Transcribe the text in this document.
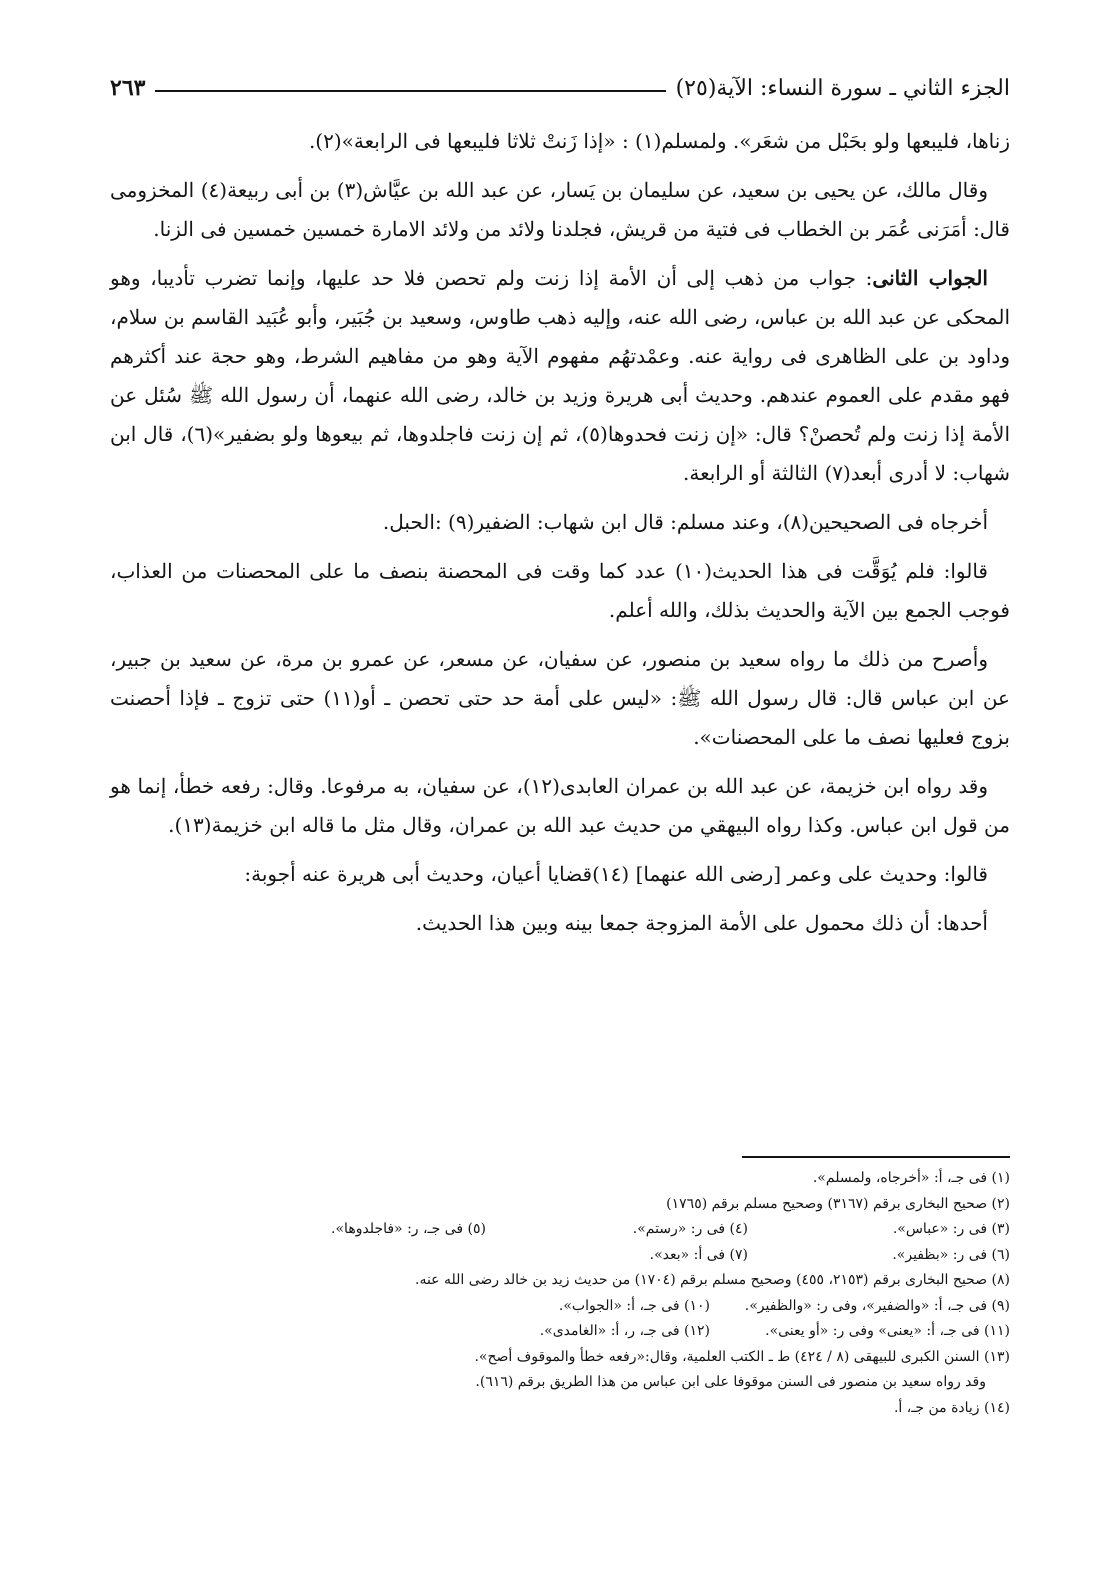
الجزء الثاني ـ سورة النساء: الآية(٢٥)
٢٦٣

زناها، فليبعها ولو بحَبْل من شعَر». ولمسلم(١) : «إذا زَنتْ ثلاثا فليبعها فى الرابعة»(٢).

وقال مالك، عن يحيى بن سعيد، عن سليمان بن يَسار، عن عبد الله بن عيَّاش(٣) بن أبى ربيعة(٤) المخزومى قال: أمَرَنى عُمَر بن الخطاب فى فتية من قريش، فجلدنا ولائد من ولائد الامارة خمسين خمسين فى الزنا.

الجواب الثانى: جواب من ذهب إلى أن الأمة إذا زنت ولم تحصن فلا حد عليها، وإنما تضرب تأديبا، وهو المحكى عن عبد الله بن عباس، رضى الله عنه، وإليه ذهب طاوس، وسعيد بن جُبَير، وأبو عُبَيد القاسم بن سلام، وداود بن على الظاهرى فى رواية عنه. وعمْدتهُم مفهوم الآية وهو من مفاهيم الشرط، وهو حجة عند أكثرهم فهو مقدم على العموم عندهم. وحديث أبى هريرة وزيد بن خالد، رضى الله عنهما، أن رسول الله ﷺ سُئل عن الأمة إذا زنت ولم تُحصنْ؟ قال: «إن زنت فحدوها(٥)، ثم إن زنت فاجلدوها، ثم بيعوها ولو بضفير»(٦)، قال ابن شهاب: لا أدرى أبعد(٧) الثالثة أو الرابعة.

أخرجاه فى الصحيحين(٨)، وعند مسلم: قال ابن شهاب: الضفير(٩) :الحبل.

قالوا: فلم يُوَقَّت فى هذا الحديث(١٠) عدد كما وقت فى المحصنة بنصف ما على المحصنات من العذاب، فوجب الجمع بين الآية والحديث بذلك، والله أعلم.

وأصرح من ذلك ما رواه سعيد بن منصور، عن سفيان، عن مسعر، عن عمرو بن مرة، عن سعيد بن جبير، عن ابن عباس قال: قال رسول الله ﷺ: «ليس على أمة حد حتى تحصن ـ أو(١١) حتى تزوج ـ فإذا أحصنت بزوج فعليها نصف ما على المحصنات».

وقد رواه ابن خزيمة، عن عبد الله بن عمران العابدى(١٢)، عن سفيان، به مرفوعا. وقال: رفعه خطأ، إنما هو من قول ابن عباس. وكذا رواه البيهقي من حديث عبد الله بن عمران، وقال مثل ما قاله ابن خزيمة(١٣).

قالوا: وحديث على وعمر [رضى الله عنهما] (١٤)قضايا أعيان، وحديث أبى هريرة عنه أجوبة:

أحدها: أن ذلك محمول على الأمة المزوجة جمعا بينه وبين هذا الحديث.

(١) فى جـ، أ: «أخرجاه، ولمسلم».
(٢) صحيح البخارى برقم (٣١٦٧) وصحيح مسلم برقم (١٧٦٥)
(٣) فى ر: «عباس».
(٤) فى ر: «رستم».
(٥) فى جـ، ر: «فاجلدوها».
(٦) فى ر: «بظفير».
(٧) فى أ: «بعد».
(٨) صحيح البخارى برقم (٢١٥٣، ٤٥٥) وصحيح مسلم برقم (١٧٠٤) من حديث زيد بن خالد رضى الله عنه.
(٩) فى جـ، أ: «والضفير»، وفى ر: «والظفير».
(١٠) فى جـ، أ: «الجواب».
(١١) فى جـ، أ: «يعنى» وفى ر: «أو يعنى».
(١٢) فى جـ، ر، أ: «الغامدى».
(١٣) السنن الكبرى للبيهقى (٨ / ٤٢٤) ط ـ الكتب العلمية، وقال:«رفعه خطأ والموقوف أصح».
وقد رواه سعيد بن منصور فى السنن موقوفا على ابن عباس من هذا الطريق برقم (٦١٦).
(١٤) زيادة من جـ، أ.
